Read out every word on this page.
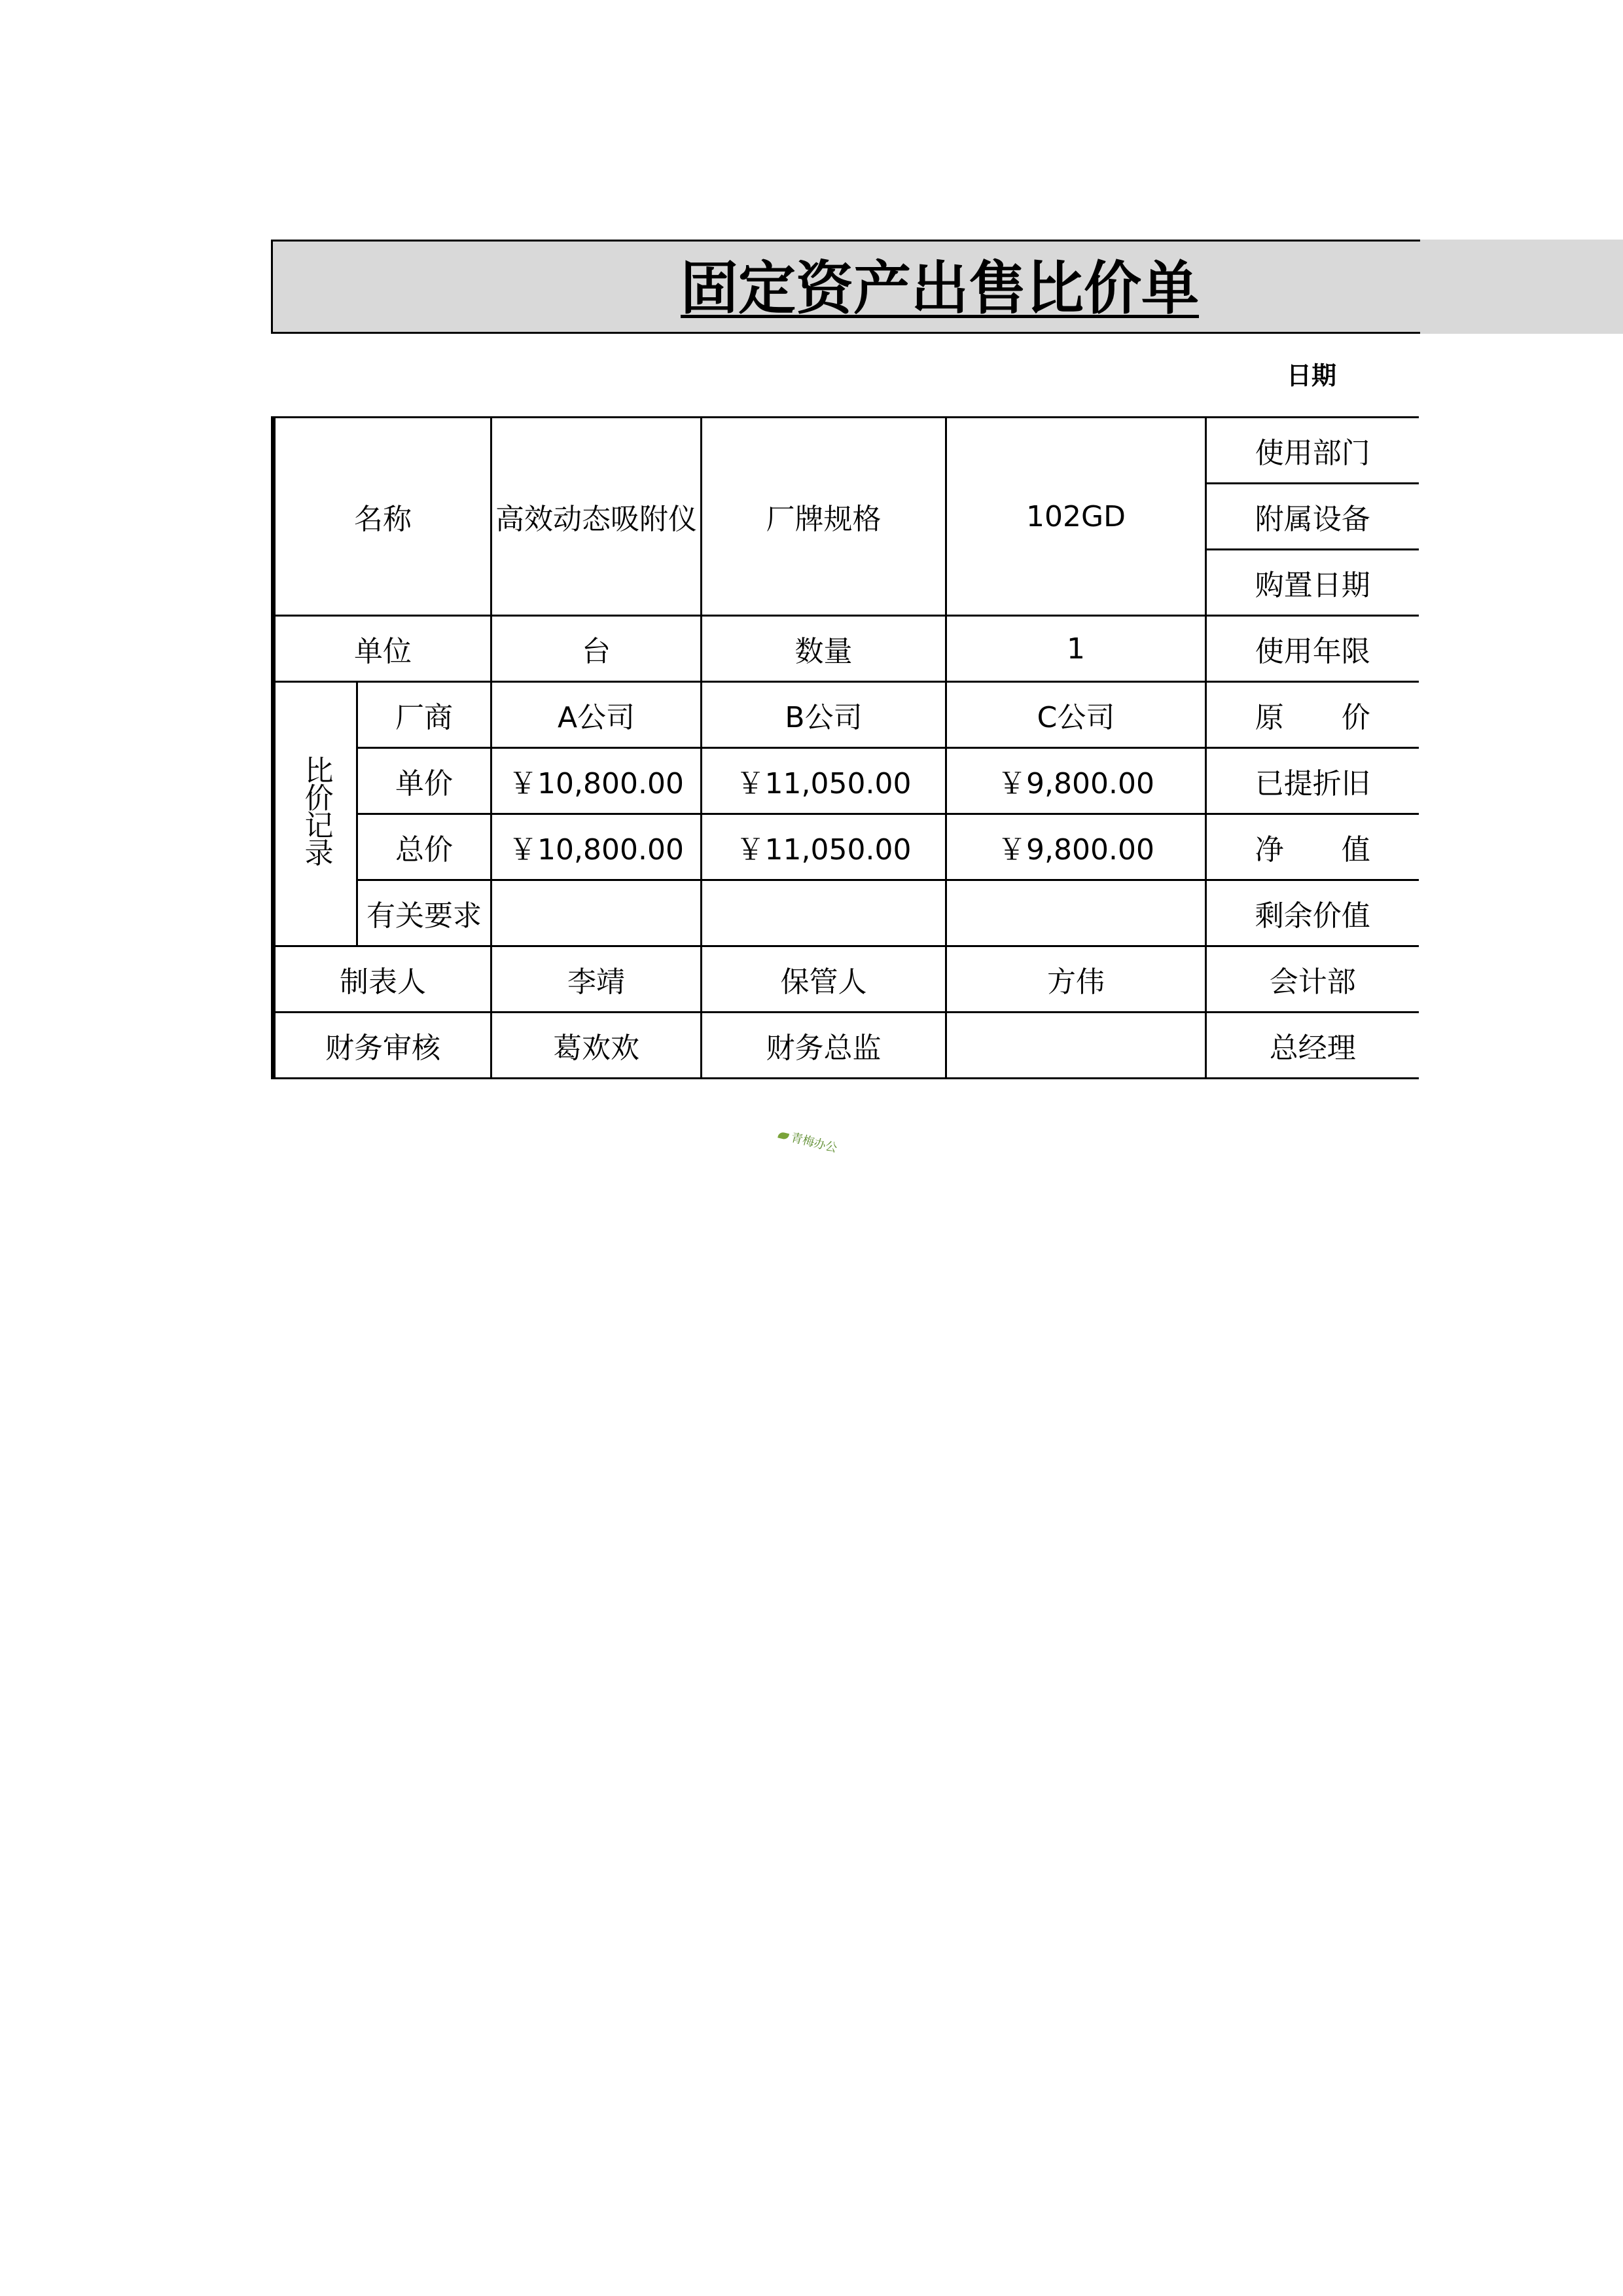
固定资产出售比价单
日期
名称		高效动态吸附仪	厂牌规格	102GD	使用部门
					附属设备
					购置日期
单位		台	数量	1	使用年限
比价记录	厂商	A公司	B公司	C公司	原　　价
	单价	￥10,800.00	￥11,050.00	￥9,800.00	已提折旧
	总价	￥10,800.00	￥11,050.00	￥9,800.00	净　　值
	有关要求				剩余价值
制表人		李靖	保管人	方伟	会计部
财务审核		葛欢欢	财务总监		总经理
青梅办公
